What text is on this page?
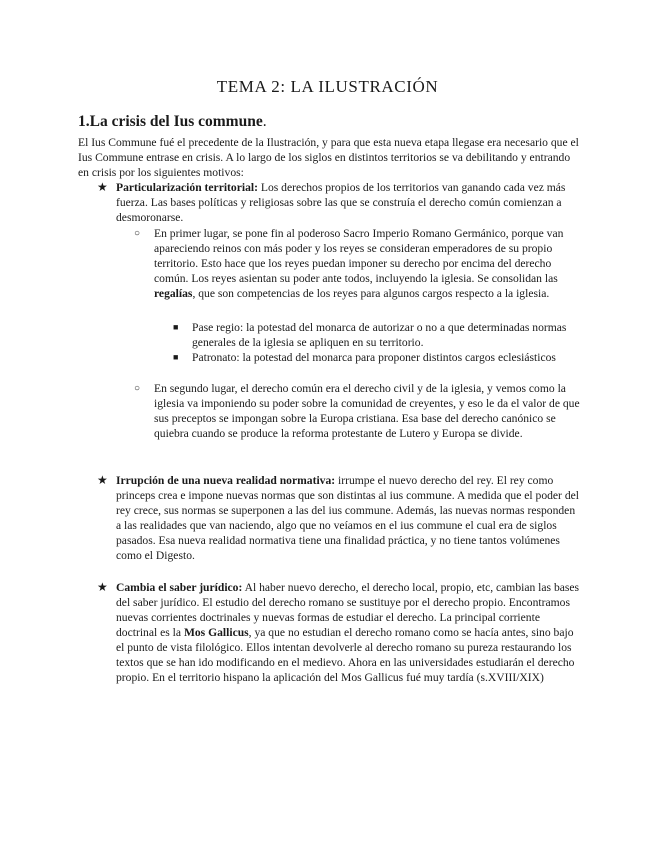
TEMA 2: LA ILUSTRACIÓN
1.La crisis del Ius commune.

El Ius Commune fué el precedente de la Ilustración, y para que esta nueva etapa llegase era necesario que el Ius Commune entrase en crisis. A lo largo de los siglos en distintos territorios se va debilitando y entrando en crisis por los siguientes motivos:

★ Particularización territorial: Los derechos propios de los territorios van ganando cada vez más fuerza. Las bases políticas y religiosas sobre las que se construía el derecho común comienzan a desmoronarse.

○ En primer lugar, se pone fin al poderoso Sacro Imperio Romano Germánico, porque van apareciendo reinos con más poder y los reyes se consideran emperadores de su propio territorio. Esto hace que los reyes puedan imponer su derecho por encima del derecho común. Los reyes asientan su poder ante todos, incluyendo la iglesia. Se consolidan las regalías, que son competencias de los reyes para algunos cargos respecto a la iglesia.

■ Pase regio: la potestad del monarca de autorizar o no a que determinadas normas generales de la iglesia se apliquen en su territorio.

■ Patronato: la potestad del monarca para proponer distintos cargos eclesiásticos

○ En segundo lugar, el derecho común era el derecho civil y de la iglesia, y vemos como la iglesia va imponiendo su poder sobre la comunidad de creyentes, y eso le da el valor de que sus preceptos se impongan sobre la Europa cristiana. Esa base del derecho canónico se quiebra cuando se produce la reforma protestante de Lutero y Europa se divide.

★ Irrupción de una nueva realidad normativa: irrumpe el nuevo derecho del rey. El rey como princeps crea e impone nuevas normas que son distintas al ius commune. A medida que el poder del rey crece, sus normas se superponen a las del ius commune. Además, las nuevas normas responden a las realidades que van naciendo, algo que no veíamos en el ius commune el cual era de siglos pasados. Esa nueva realidad normativa tiene una finalidad práctica, y no tiene tantos volúmenes como el Digesto.

★ Cambia el saber jurídico: Al haber nuevo derecho, el derecho local, propio, etc, cambian las bases del saber jurídico. El estudio del derecho romano se sustituye por el derecho propio. Encontramos nuevas corrientes doctrinales y nuevas formas de estudiar el derecho. La principal corriente doctrinal es la Mos Gallicus, ya que no estudian el derecho romano como se hacía antes, sino bajo el punto de vista filológico. Ellos intentan devolverle al derecho romano su pureza restaurando los textos que se han ido modificando en el medievo. Ahora en las universidades estudiarán el derecho propio. En el territorio hispano la aplicación del Mos Gallicus fué muy tardía (s.XVIII/XIX)
